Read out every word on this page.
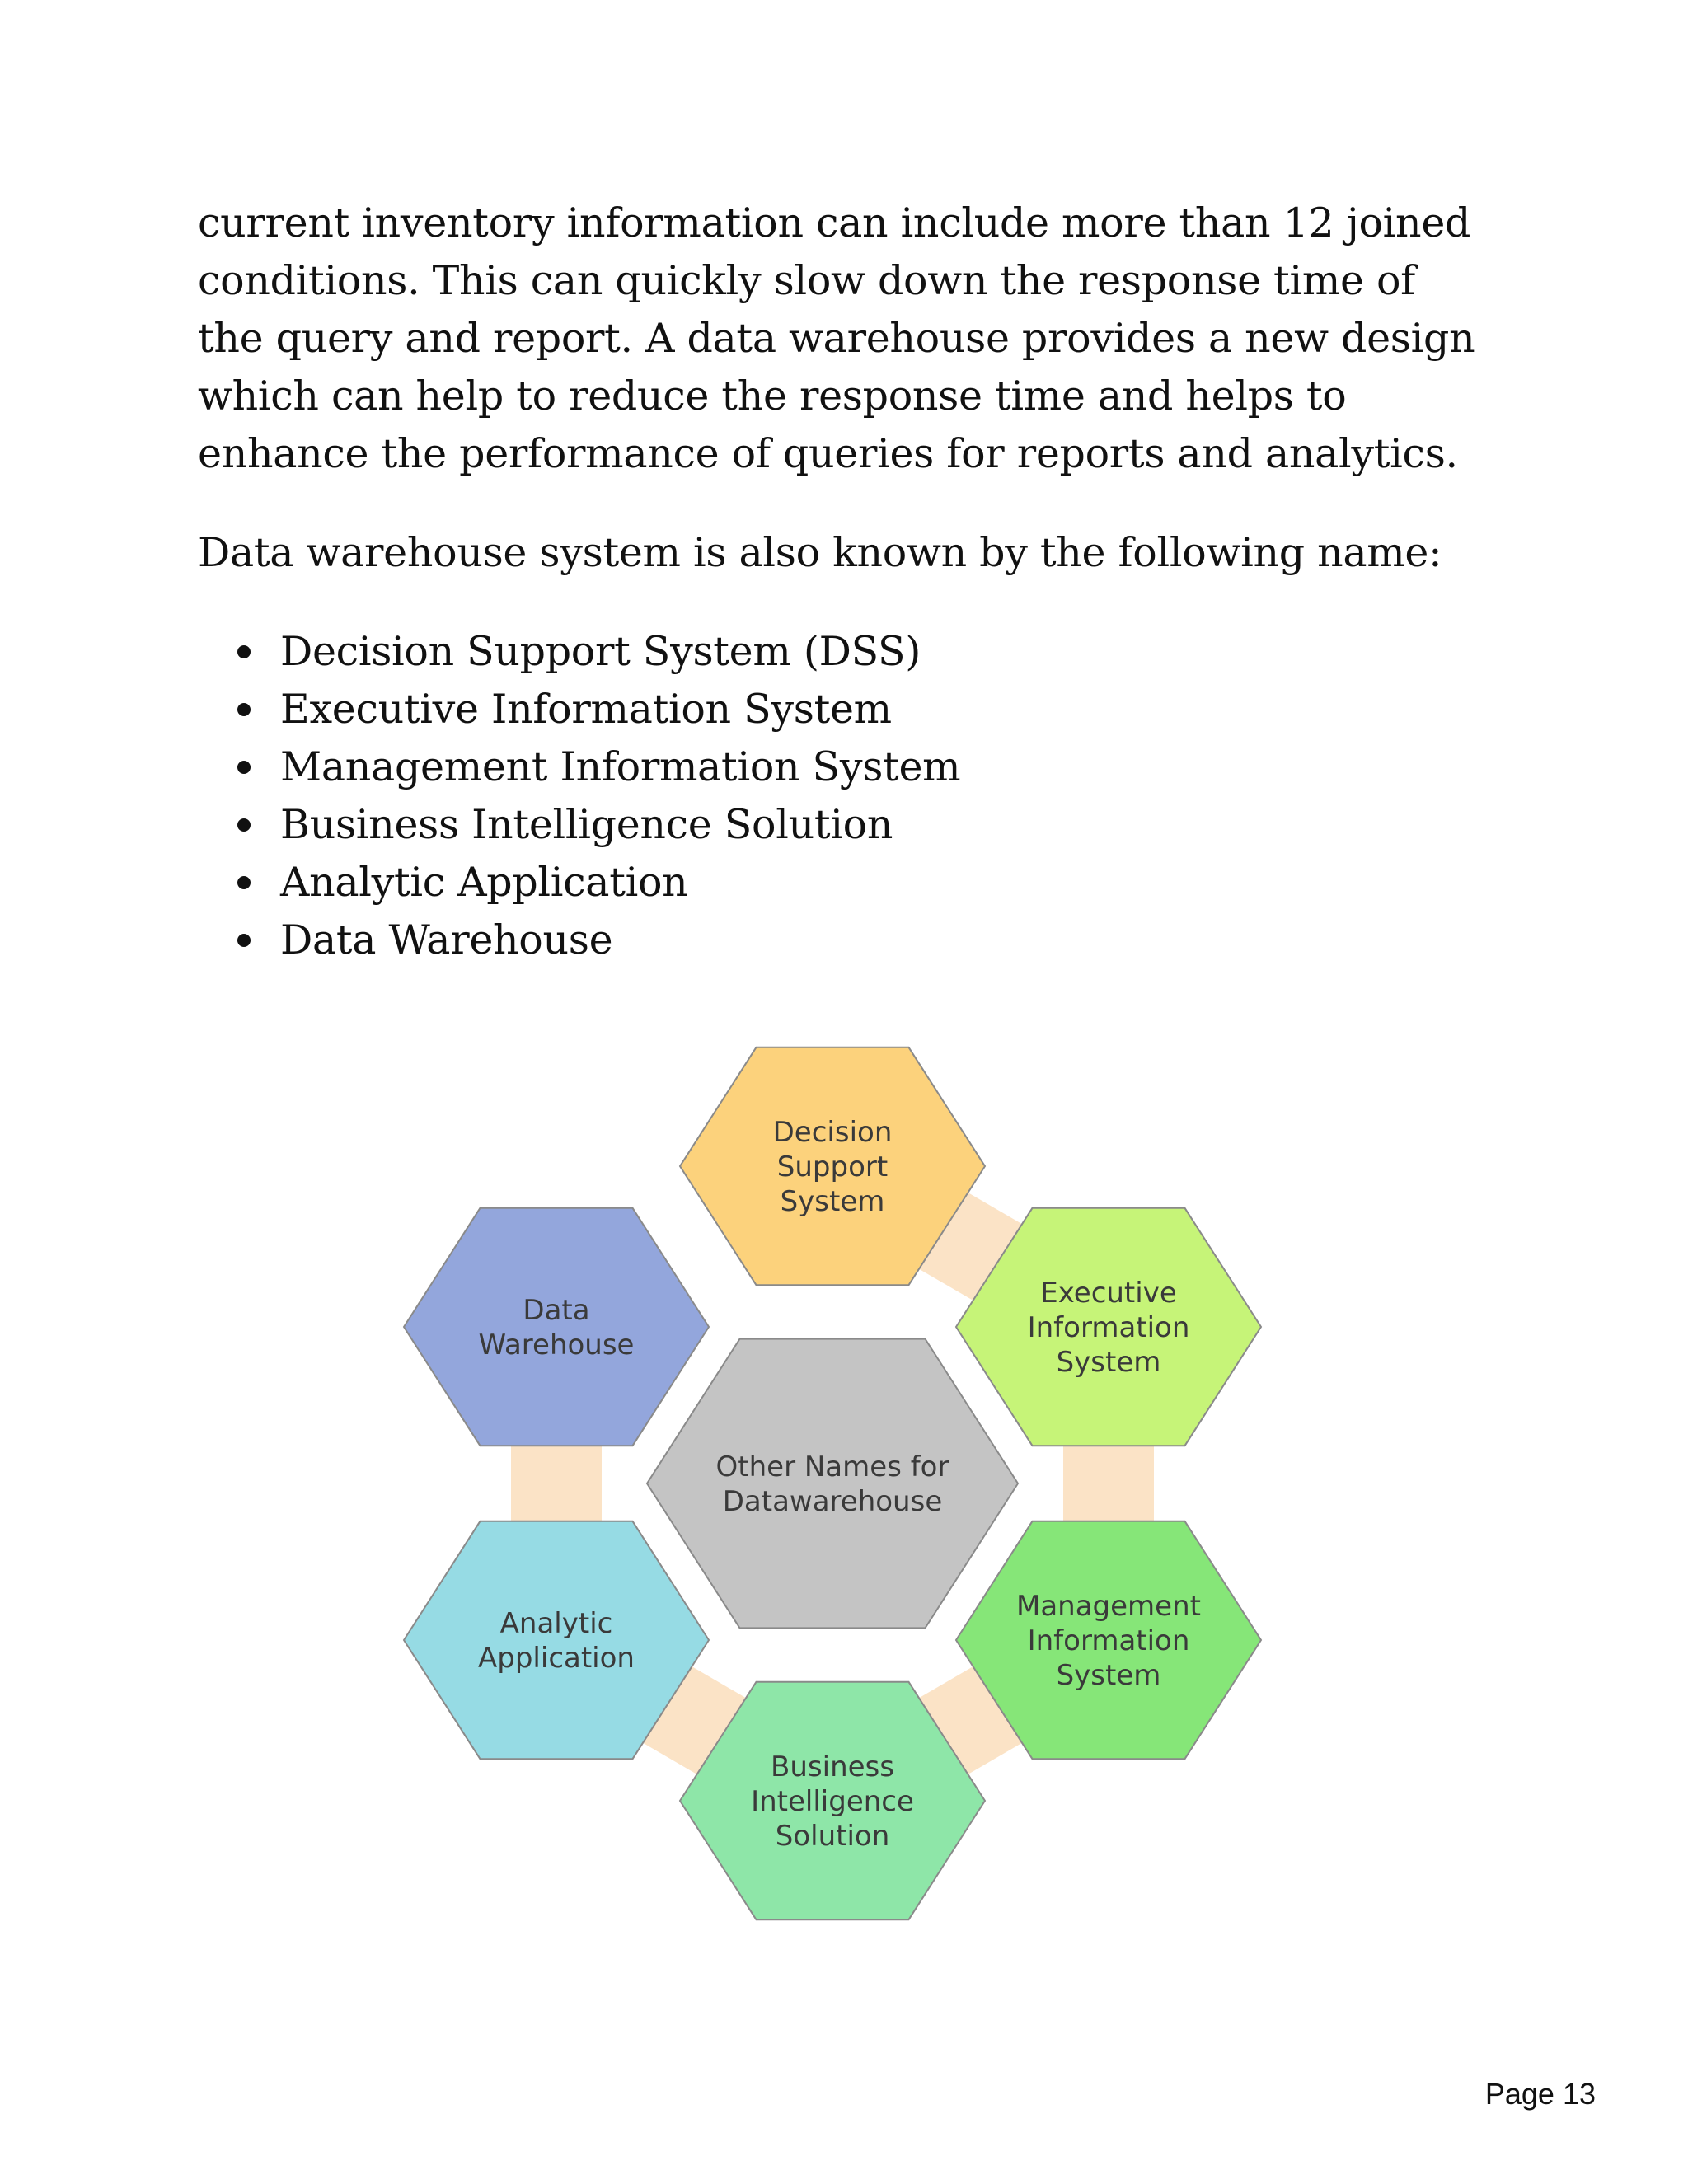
current inventory information can include more than 12 joined conditions. This can quickly slow down the response time of the query and report. A data warehouse provides a new design which can help to reduce the response time and helps to enhance the performance of queries for reports and analytics.

Data warehouse system is also known by the following name:

Decision Support System (DSS)
Executive Information System
Management Information System
Business Intelligence Solution
Analytic Application
Data Warehouse
Decision
Support
System
Executive
Information
System
Management
Information
System
Business
Intelligence
Solution
Analytic
Application
Data
Warehouse
Other Names for
Datawarehouse
Page 13
